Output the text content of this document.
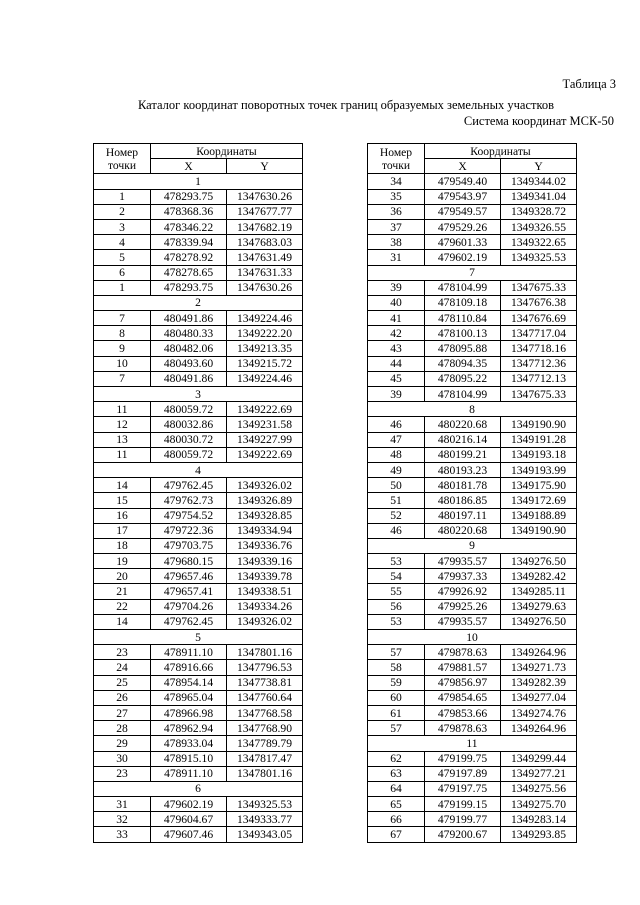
Таблица 3

Каталог координат поворотных точек границ образуемых земельных участков

Система координат МСК-50

Номер
точки	Координаты	
	X	Y
1		
1	478293.75	1347630.26
2	478368.36	1347677.77
3	478346.22	1347682.19
4	478339.94	1347683.03
5	478278.92	1347631.49
6	478278.65	1347631.33
1	478293.75	1347630.26
2		
7	480491.86	1349224.46
8	480480.33	1349222.20
9	480482.06	1349213.35
10	480493.60	1349215.72
7	480491.86	1349224.46
3		
11	480059.72	1349222.69
12	480032.86	1349231.58
13	480030.72	1349227.99
11	480059.72	1349222.69
4		
14	479762.45	1349326.02
15	479762.73	1349326.89
16	479754.52	1349328.85
17	479722.36	1349334.94
18	479703.75	1349336.76
19	479680.15	1349339.16
20	479657.46	1349339.78
21	479657.41	1349338.51
22	479704.26	1349334.26
14	479762.45	1349326.02
5		
23	478911.10	1347801.16
24	478916.66	1347796.53
25	478954.14	1347738.81
26	478965.04	1347760.64
27	478966.98	1347768.58
28	478962.94	1347768.90
29	478933.04	1347789.79
30	478915.10	1347817.47
23	478911.10	1347801.16
6		
31	479602.19	1349325.53
32	479604.67	1349333.77
33	479607.46	1349343.05
Номер
точки	Координаты	
	X	Y
34	479549.40	1349344.02
35	479543.97	1349341.04
36	479549.57	1349328.72
37	479529.26	1349326.55
38	479601.33	1349322.65
31	479602.19	1349325.53
7		
39	478104.99	1347675.33
40	478109.18	1347676.38
41	478110.84	1347676.69
42	478100.13	1347717.04
43	478095.88	1347718.16
44	478094.35	1347712.36
45	478095.22	1347712.13
39	478104.99	1347675.33
8		
46	480220.68	1349190.90
47	480216.14	1349191.28
48	480199.21	1349193.18
49	480193.23	1349193.99
50	480181.78	1349175.90
51	480186.85	1349172.69
52	480197.11	1349188.89
46	480220.68	1349190.90
9		
53	479935.57	1349276.50
54	479937.33	1349282.42
55	479926.92	1349285.11
56	479925.26	1349279.63
53	479935.57	1349276.50
10		
57	479878.63	1349264.96
58	479881.57	1349271.73
59	479856.97	1349282.39
60	479854.65	1349277.04
61	479853.66	1349274.76
57	479878.63	1349264.96
11		
62	479199.75	1349299.44
63	479197.89	1349277.21
64	479197.75	1349275.56
65	479199.15	1349275.70
66	479199.77	1349283.14
67	479200.67	1349293.85
